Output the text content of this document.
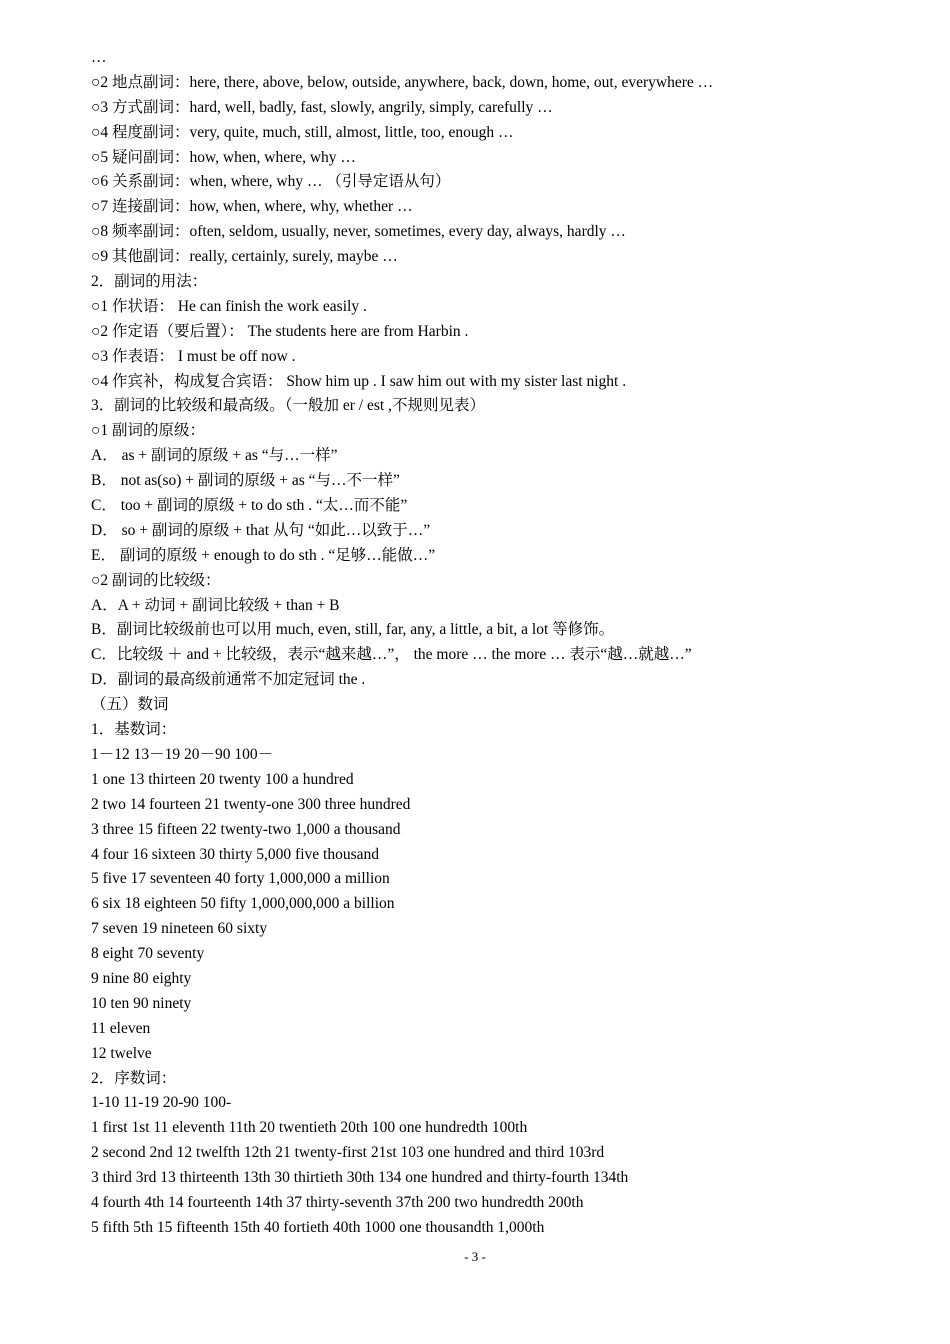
…
○2 地点副词：here, there, above, below, outside, anywhere, back, down, home, out, everywhere …
○3 方式副词：hard, well, badly, fast, slowly, angrily, simply, carefully …
○4 程度副词：very, quite, much, still, almost, little, too, enough …
○5 疑问副词：how, when, where, why …
○6 关系副词：when, where, why … （引导定语从句）
○7 连接副词：how, when, where, why, whether …
○8 频率副词：often, seldom, usually, never, sometimes, every day, always, hardly …
○9 其他副词：really, certainly, surely, maybe …
2．副词的用法：
○1 作状语： He can finish the work easily .
○2 作定语（要后置）： The students here are from Harbin .
○3 作表语： I must be off now .
○4 作宾补，构成复合宾语： Show him up . I saw him out with my sister last night .
3．副词的比较级和最高级。（一般加 er / est ,不规则见表）
○1 副词的原级：
A． as + 副词的原级 + as “与…一样”
B． not as(so) + 副词的原级 + as “与…不一样”
C． too + 副词的原级 + to do sth . “太…而不能”
D． so + 副词的原级 + that 从句 “如此…以致于…”
E． 副词的原级 + enough to do sth . “足够…能做…”
○2 副词的比较级：
A．A + 动词 + 副词比较级 + than + B
B．副词比较级前也可以用 much, even, still, far, any, a little, a bit, a lot 等修饰。
C．比较级 ＋ and + 比较级，表示“越来越…”， the more … the more … 表示“越…就越…”
D．副词的最高级前通常不加定冠词 the .
（五）数词
1．基数词：
1－12 13－19 20－90 100－
1 one 13 thirteen 20 twenty 100 a hundred
2 two 14 fourteen 21 twenty-one 300 three hundred
3 three 15 fifteen 22 twenty-two 1,000 a thousand
4 four 16 sixteen 30 thirty 5,000 five thousand
5 five 17 seventeen 40 forty 1,000,000 a million
6 six 18 eighteen 50 fifty 1,000,000,000 a billion
7 seven 19 nineteen 60 sixty
8 eight 70 seventy
9 nine 80 eighty
10 ten 90 ninety
11 eleven
12 twelve
2．序数词：
1-10 11-19 20-90 100-
1 first 1st 11 eleventh 11th 20 twentieth 20th 100 one hundredth 100th
2 second 2nd 12 twelfth 12th 21 twenty-first 21st 103 one hundred and third 103rd
3 third 3rd 13 thirteenth 13th 30 thirtieth 30th 134 one hundred and thirty-fourth 134th
4 fourth 4th 14 fourteenth 14th 37 thirty-seventh 37th 200 two hundredth 200th
5 fifth 5th 15 fifteenth 15th 40 fortieth 40th 1000 one thousandth 1,000th
- 3 -
